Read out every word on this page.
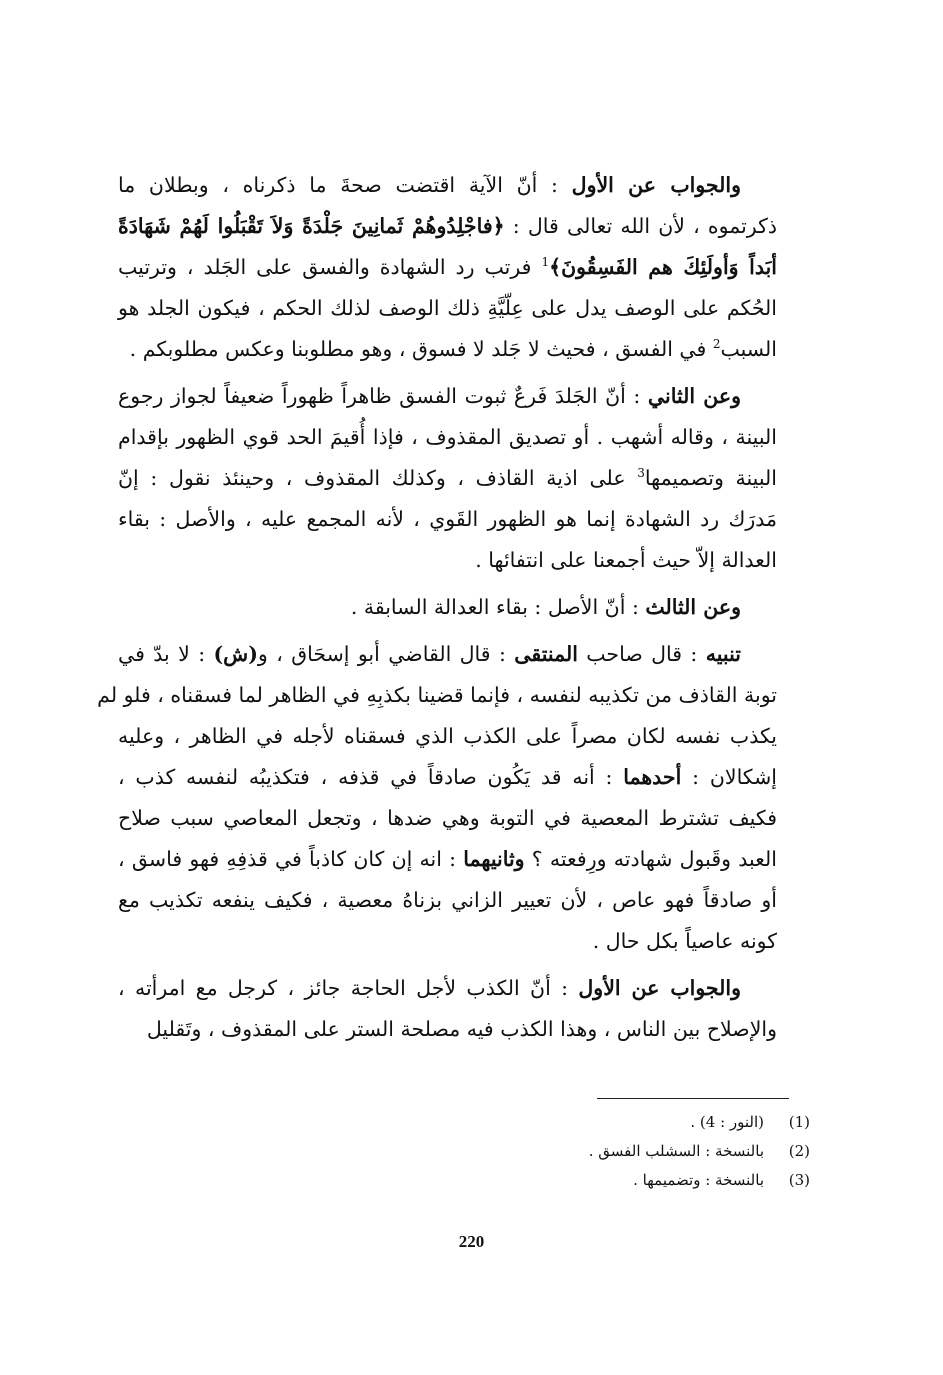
والجواب عن الأول : أنّ الآية اقتضت صحةَ ما ذكرناه ، وبطلان ما
ذكرتموه ، لأن الله تعالى قال : ﴿فاجْلِدُوهُمْ ثَمانِينَ جَلْدَةً وَلاَ تَقْبَلُوا لَهُمْ شَهَادَةً
أبَداً وَأولَئِكَ هم الفَسِقُونَ﴾$^1$ فرتب رد الشهادة والفسق على الجَلد ، وترتيب
الحُكم على الوصف يدل على عِلّيَّةِ ذلك الوصف لذلك الحكم ، فيكون الجلد هو
السبب$^2$ في الفسق ، فحيث لا جَلد لا فسوق ، وهو مطلوبنا وعكس مطلوبكم .
وعن الثاني : أنّ الجَلدَ فَرعٌ ثبوت الفسق ظاهراً ظهوراً ضعيفاً لجواز رجوع
البينة ، وقاله أشهب . أو تصديق المقذوف ، فإذا أُقيمَ الحد قوي الظهور بإقدام
البينة وتصميمها$^3$ على اذية القاذف ، وكذلك المقذوف ، وحينئذ نقول : إنّ
مَدرَك رد الشهادة إنما هو الظهور القَوي ، لأنه المجمع عليه ، والأصل : بقاء
العدالة إلاّ حيث أجمعنا على انتفائها .
وعن الثالث : أنّ الأصل : بقاء العدالة السابقة .
تنبيه : قال صاحب المنتقى : قال القاضي أبو إسحَاق ، و(ش) : لا بدّ في
توبة القاذف من تكذيبه لنفسه ، فإنما قضينا بكذبِهِ في الظاهر لما فسقناه ، فلو لم
يكذب نفسه لكان مصراً على الكذب الذي فسقناه لأجله في الظاهر ، وعليه
إشكالان : أحدهما : أنه قد يَكُون صادقاً في قذفه ، فتكذيبُه لنفسه كذب ،
فكيف تشترط المعصية في التوبة وهي ضدها ، وتجعل المعاصي سبب صلاح
العبد وقَبول شهادته ورِفعته ؟ وثانيهما : انه إن كان كاذباً في قذفِهِ فهو فاسق ،
أو صادقاً فهو عاص ، لأن تعيير الزاني بزناهُ معصية ، فكيف ينفعه تكذيب مع
كونه عاصياً بكل حال .
والجواب عن الأول : أنّ الكذب لأجل الحاجة جائز ، كرجل مع امرأته ،
والإصلاح بين الناس ، وهذا الكذب فيه مصلحة الستر على المقذوف ، وتَقليل
(1)
(النور : 4) .
(2)
بالنسخة : السشلب الفسق .
(3)
بالنسخة : وتضميمها .
220
